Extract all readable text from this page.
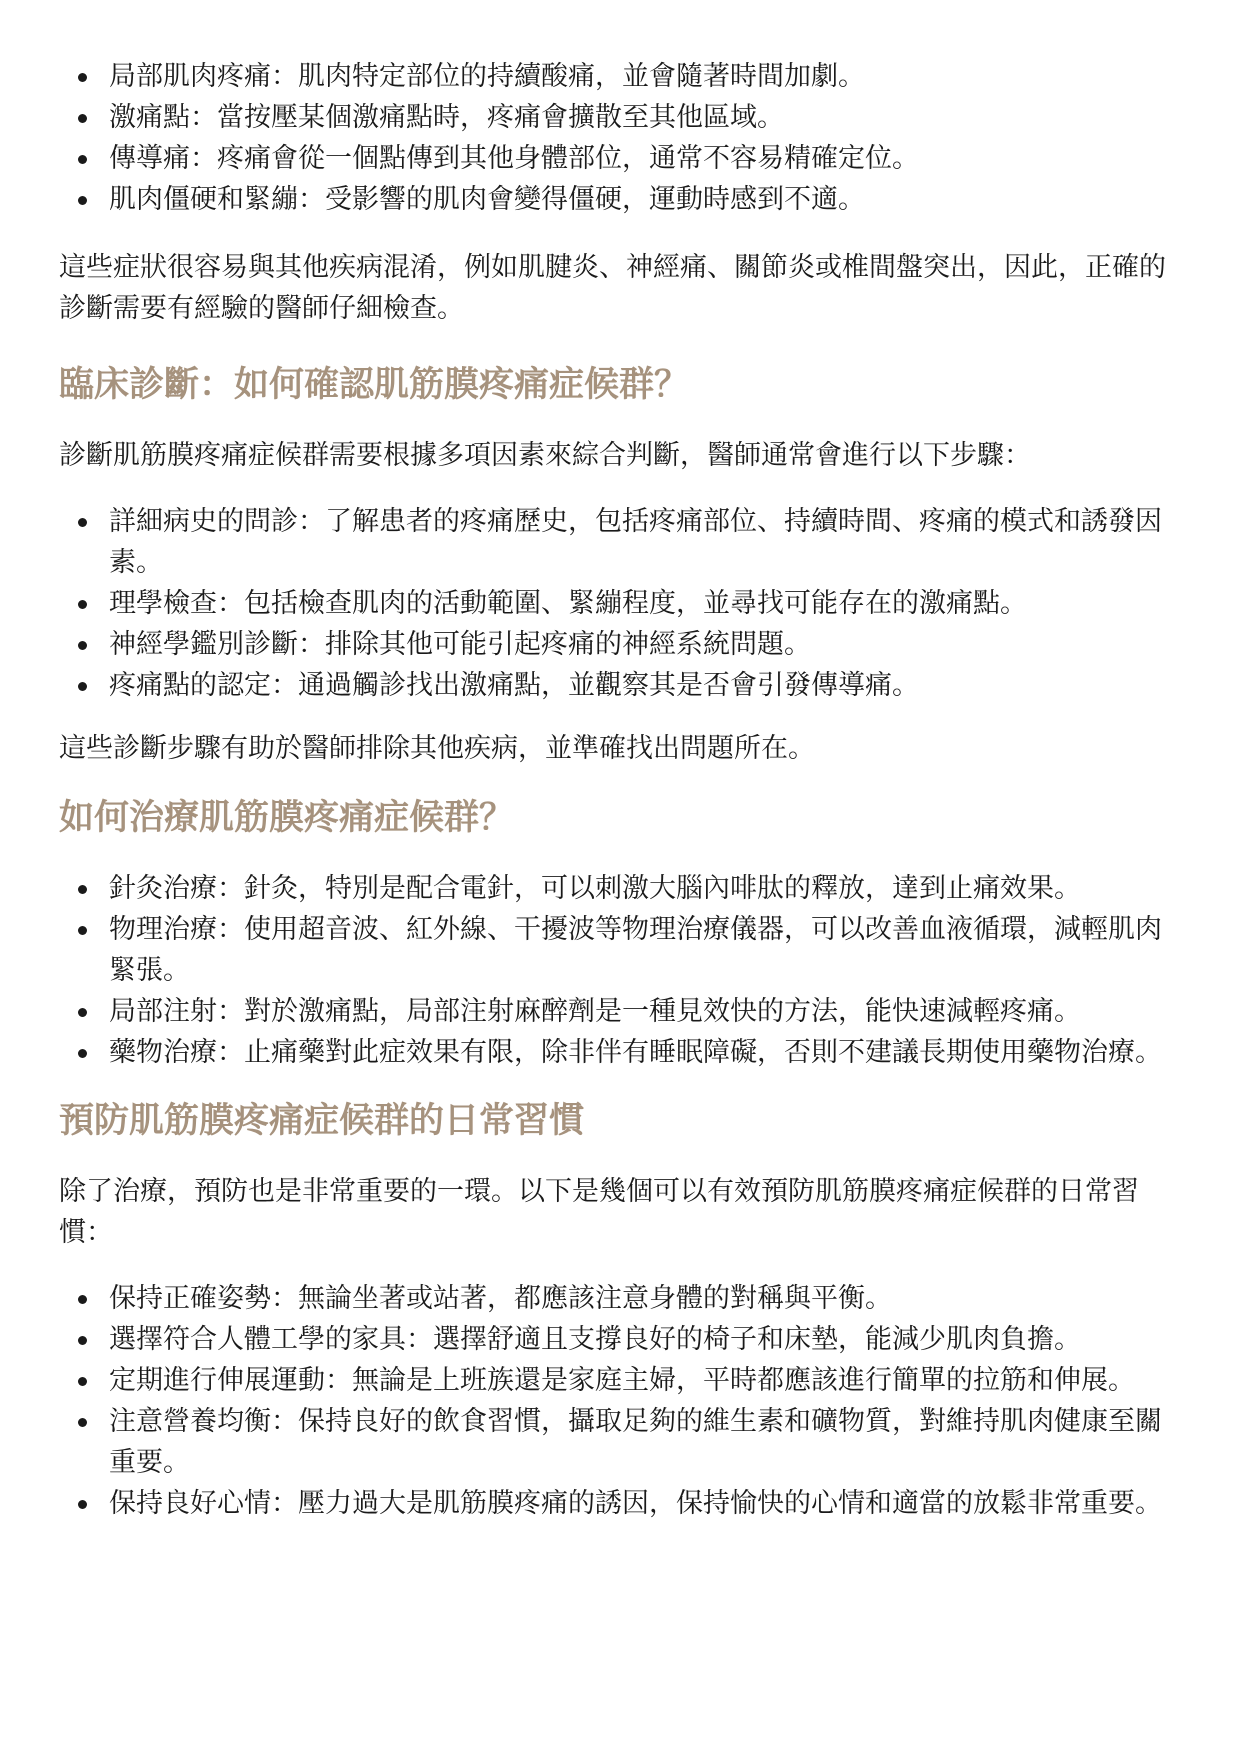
局部肌肉疼痛：肌肉特定部位的持續酸痛，並會隨著時間加劇。
激痛點：當按壓某個激痛點時，疼痛會擴散至其他區域。
傳導痛：疼痛會從一個點傳到其他身體部位，通常不容易精確定位。
肌肉僵硬和緊繃：受影響的肌肉會變得僵硬，運動時感到不適。

這些症狀很容易與其他疾病混淆，例如肌腱炎、神經痛、關節炎或椎間盤突出，因此，正確的診斷需要有經驗的醫師仔細檢查。

臨床診斷：如何確認肌筋膜疼痛症候群？

診斷肌筋膜疼痛症候群需要根據多項因素來綜合判斷，醫師通常會進行以下步驟：

詳細病史的問診：了解患者的疼痛歷史，包括疼痛部位、持續時間、疼痛的模式和誘發因素。
理學檢查：包括檢查肌肉的活動範圍、緊繃程度，並尋找可能存在的激痛點。
神經學鑑別診斷：排除其他可能引起疼痛的神經系統問題。
疼痛點的認定：通過觸診找出激痛點，並觀察其是否會引發傳導痛。

這些診斷步驟有助於醫師排除其他疾病，並準確找出問題所在。

如何治療肌筋膜疼痛症候群？
針灸治療：針灸，特別是配合電針，可以刺激大腦內啡肽的釋放，達到止痛效果。
物理治療：使用超音波、紅外線、干擾波等物理治療儀器，可以改善血液循環，減輕肌肉緊張。
局部注射：對於激痛點，局部注射麻醉劑是一種見效快的方法，能快速減輕疼痛。
藥物治療：止痛藥對此症效果有限，除非伴有睡眠障礙，否則不建議長期使用藥物治療。
預防肌筋膜疼痛症候群的日常習慣

除了治療，預防也是非常重要的一環。以下是幾個可以有效預防肌筋膜疼痛症候群的日常習慣：

保持正確姿勢：無論坐著或站著，都應該注意身體的對稱與平衡。
選擇符合人體工學的家具：選擇舒適且支撐良好的椅子和床墊，能減少肌肉負擔。
定期進行伸展運動：無論是上班族還是家庭主婦，平時都應該進行簡單的拉筋和伸展。
注意營養均衡：保持良好的飲食習慣，攝取足夠的維生素和礦物質，對維持肌肉健康至關重要。
保持良好心情：壓力過大是肌筋膜疼痛的誘因，保持愉快的心情和適當的放鬆非常重要。
